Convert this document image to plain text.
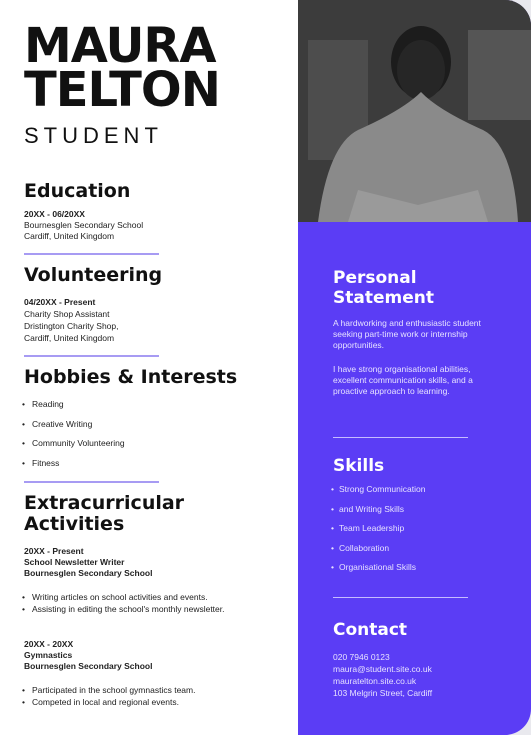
MAURA
TELTON
STUDENT
Education
20XX - 06/20XX
Bournesglen Secondary School
Cardiff, United Kingdom
Volunteering
04/20XX - Present
Charity Shop Assistant
Dristington Charity Shop,
Cardiff, United Kingdom
Hobbies & Interests
• Reading
• Creative Writing
• Community Volunteering
• Fitness
Extracurricular
Activities
20XX - Present
School Newsletter Writer
Bournesglen Secondary School
• Writing articles on school activities and events.
• Assisting in editing the school's monthly newsletter.
20XX - 20XX
Gymnastics
Bournesglen Secondary School
• Participated in the school gymnastics team.
• Competed in local and regional events.
Personal
Statement
A hardworking and enthusiastic student seeking part-time work or internship opportunities.
I have strong organisational abilities, excellent communication skills, and a proactive approach to learning.
Skills
• Strong Communication
• and Writing Skills
• Team Leadership
• Collaboration
• Organisational Skills
Contact
020 7946 0123
maura@student.site.co.uk
mauratelton.site.co.uk
103 Melgrin Street, Cardiff
